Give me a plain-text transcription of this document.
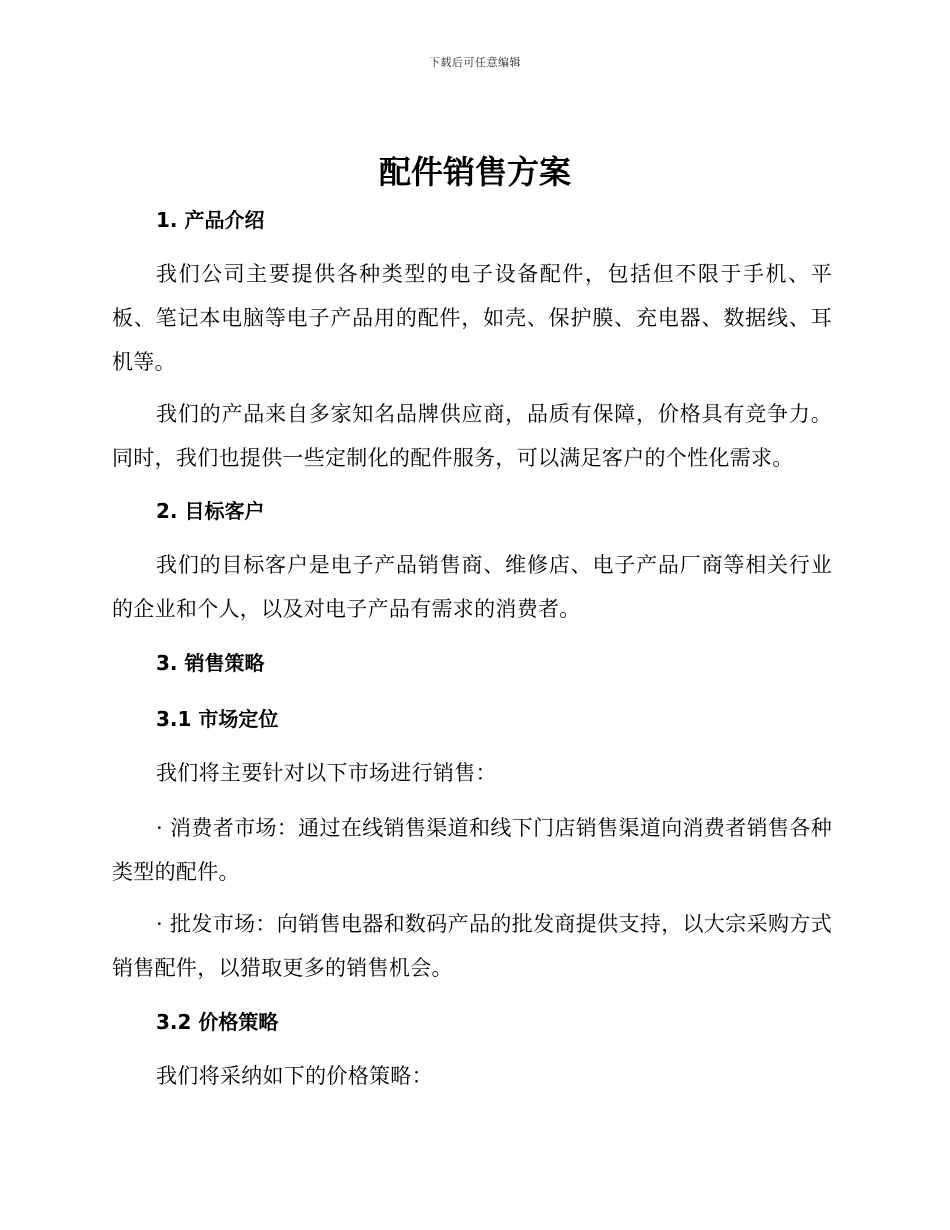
下载后可任意编辑
配件销售方案
1. 产品介绍

我们公司主要提供各种类型的电子设备配件，包括但不限于手机、平板、笔记本电脑等电子产品用的配件，如壳、保护膜、充电器、数据线、耳机等。

我们的产品来自多家知名品牌供应商，品质有保障，价格具有竞争力。同时，我们也提供一些定制化的配件服务，可以满足客户的个性化需求。

2. 目标客户

我们的目标客户是电子产品销售商、维修店、电子产品厂商等相关行业的企业和个人，以及对电子产品有需求的消费者。

3. 销售策略
3.1 市场定位

我们将主要针对以下市场进行销售：

· 消费者市场：通过在线销售渠道和线下门店销售渠道向消费者销售各种类型的配件。

· 批发市场：向销售电器和数码产品的批发商提供支持，以大宗采购方式销售配件，以猎取更多的销售机会。

3.2 价格策略

我们将采纳如下的价格策略：
